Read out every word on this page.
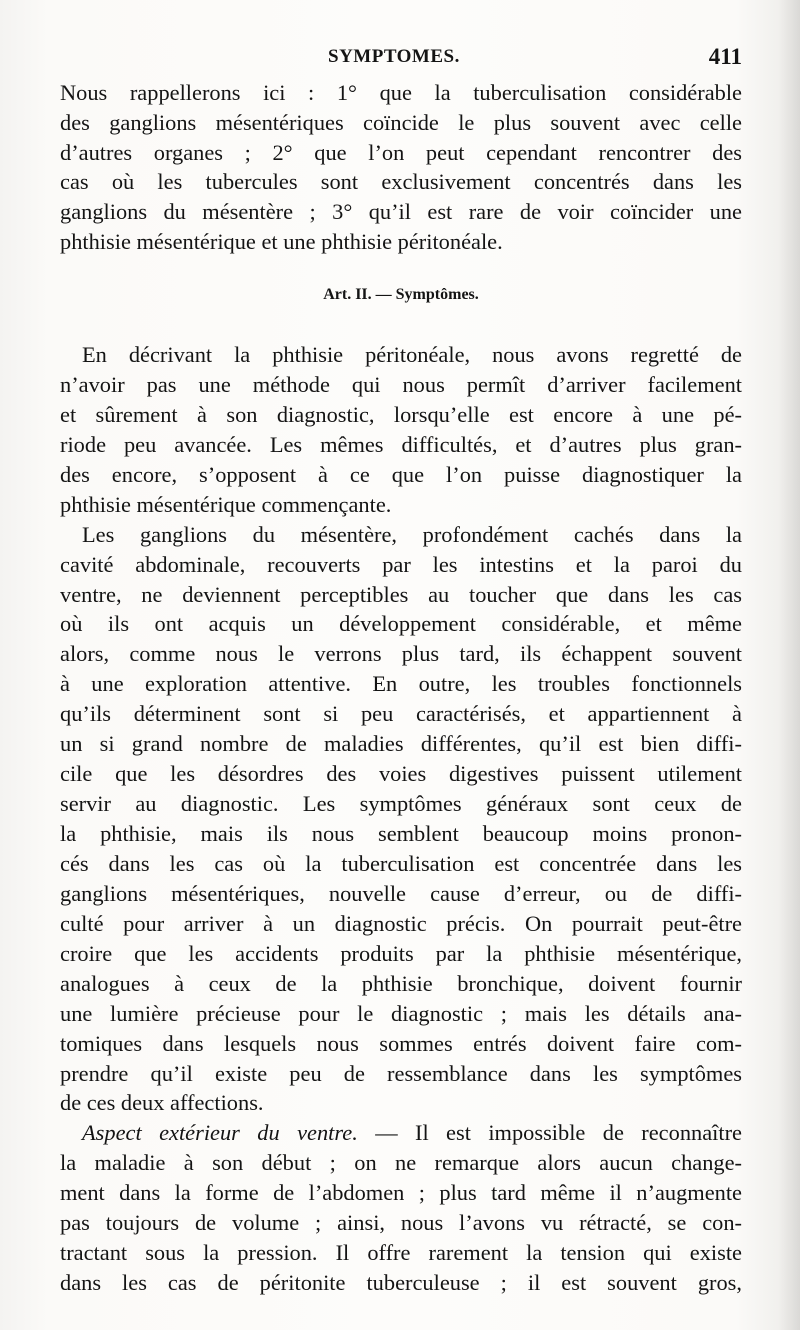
SYMPTOMES.	411
Nous rappellerons ici : 1° que la tuberculisation considérable
des ganglions mésentériques coïncide le plus souvent avec celle
d’autres organes ; 2° que l’on peut cependant rencontrer des
cas où les tubercules sont exclusivement concentrés dans les
ganglions du mésentère ; 3° qu’il est rare de voir coïncider une
phthisie mésentérique et une phthisie péritonéale.
Art. II. — Symptômes.
En décrivant la phthisie péritonéale, nous avons regretté de
n’avoir pas une méthode qui nous permît d’arriver facilement
et sûrement à son diagnostic, lorsqu’elle est encore à une pé-
riode peu avancée. Les mêmes difficultés, et d’autres plus gran-
des encore, s’opposent à ce que l’on puisse diagnostiquer la
phthisie mésentérique commençante.
Les ganglions du mésentère, profondément cachés dans la
cavité abdominale, recouverts par les intestins et la paroi du
ventre, ne deviennent perceptibles au toucher que dans les cas
où ils ont acquis un développement considérable, et même
alors, comme nous le verrons plus tard, ils échappent souvent
à une exploration attentive. En outre, les troubles fonctionnels
qu’ils déterminent sont si peu caractérisés, et appartiennent à
un si grand nombre de maladies différentes, qu’il est bien diffi-
cile que les désordres des voies digestives puissent utilement
servir au diagnostic. Les symptômes généraux sont ceux de
la phthisie, mais ils nous semblent beaucoup moins pronon-
cés dans les cas où la tuberculisation est concentrée dans les
ganglions mésentériques, nouvelle cause d’erreur, ou de diffi-
culté pour arriver à un diagnostic précis. On pourrait peut-être
croire que les accidents produits par la phthisie mésentérique,
analogues à ceux de la phthisie bronchique, doivent fournir
une lumière précieuse pour le diagnostic ; mais les détails ana-
tomiques dans lesquels nous sommes entrés doivent faire com-
prendre qu’il existe peu de ressemblance dans les symptômes
de ces deux affections.
Aspect extérieur du ventre. — Il est impossible de reconnaître
la maladie à son début ; on ne remarque alors aucun change-
ment dans la forme de l’abdomen ; plus tard même il n’augmente
pas toujours de volume ; ainsi, nous l’avons vu rétracté, se con-
tractant sous la pression. Il offre rarement la tension qui existe
dans les cas de péritonite tuberculeuse ; il est souvent gros,
